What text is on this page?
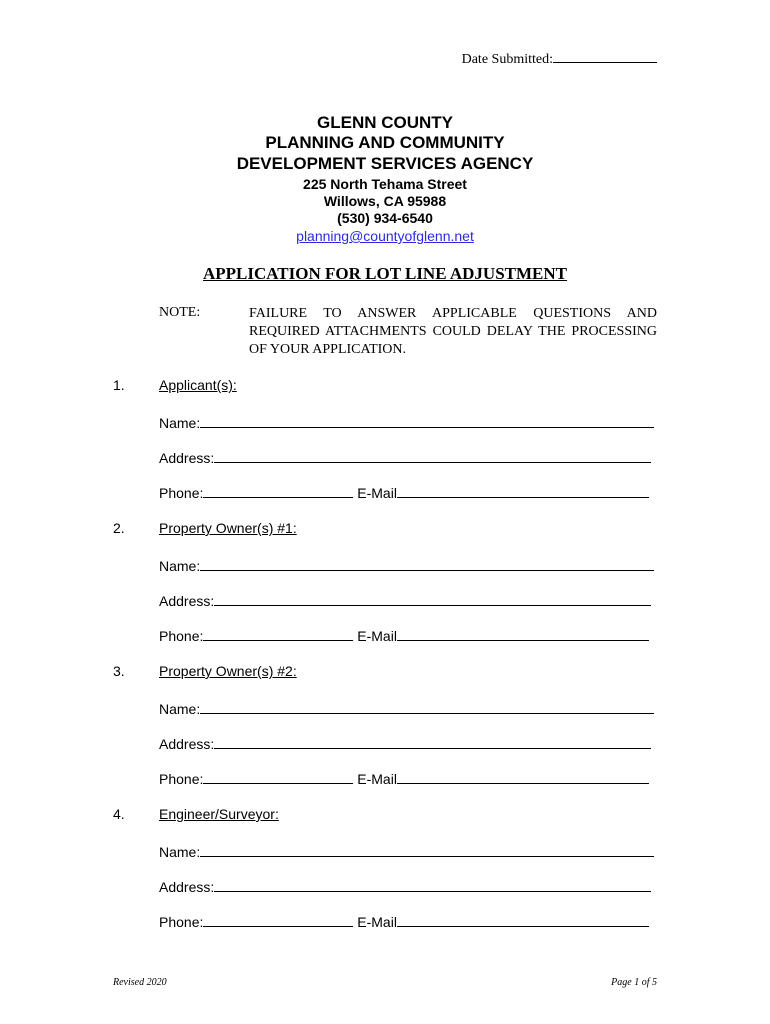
Date Submitted:
GLENN COUNTY
PLANNING AND COMMUNITY
DEVELOPMENT SERVICES AGENCY
225 North Tehama Street
Willows, CA 95988
(530) 934-6540
planning@countyofglenn.net
APPLICATION FOR LOT LINE ADJUSTMENT
NOTE:	FAILURE TO ANSWER APPLICABLE QUESTIONS AND REQUIRED ATTACHMENTS COULD DELAY THE PROCESSING OF YOUR APPLICATION.
1. Applicant(s):
Name:
Address:
Phone:	E-Mail
2. Property Owner(s) #1:
Name:
Address:
Phone:	E-Mail
3. Property Owner(s) #2:
Name:
Address:
Phone:	E-Mail
4. Engineer/Surveyor:
Name:
Address:
Phone:	E-Mail
Revised 2020	Page 1 of 5
